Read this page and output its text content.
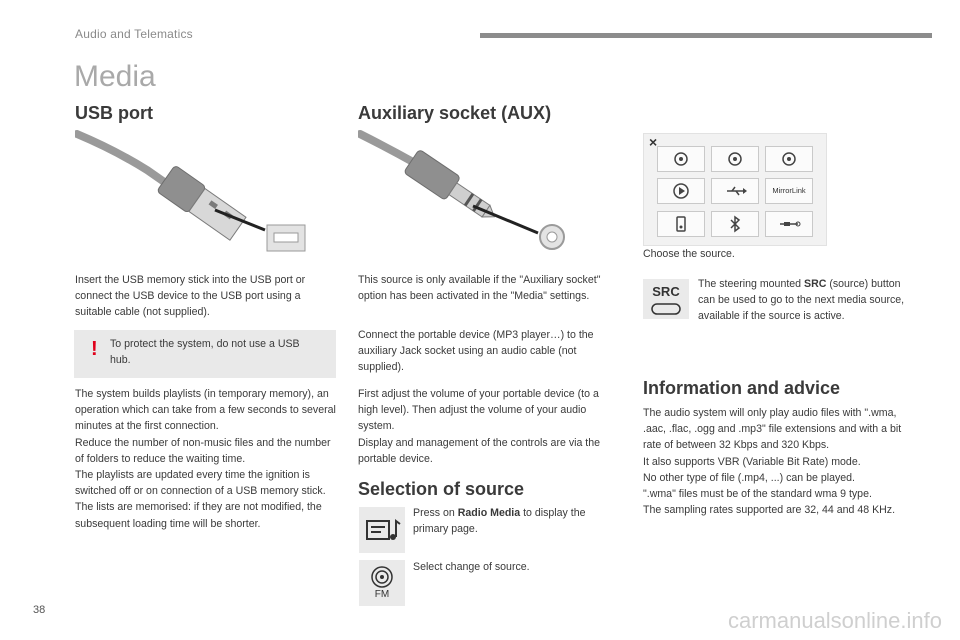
Audio and Telematics
Media
USB port
Insert the USB memory stick into the USB port or connect the USB device to the USB port using a suitable cable (not supplied).
! To protect the system, do not use a USB hub.

The system builds playlists (in temporary memory), an operation which can take from a few seconds to several minutes at the first connection.

Reduce the number of non-music files and the number of folders to reduce the waiting time.

The playlists are updated every time the ignition is switched off or on connection of a USB memory stick. The lists are memorised: if they are not modified, the subsequent loading time will be shorter.

Auxiliary socket (AUX)
This source is only available if the "Auxiliary socket" option has been activated in the "Media" settings.
Connect the portable device (MP3 player…) to the auxiliary Jack socket using an audio cable (not supplied).

First adjust the volume of your portable device (to a high level). Then adjust the volume of your audio system.

Display and management of the controls are via the portable device.

Selection of source
Press on Radio Media to display the primary page.
FM
Select change of source.
×
MirrorLink
Choose the source.
SRC	The steering mounted SRC (source) button can be used to go to the next media source, available if the source is active.
Information and advice

The audio system will only play audio files with ".wma, .aac, .flac, .ogg and .mp3" file extensions and with a bit rate of between 32 Kbps and 320 Kbps.

It also supports VBR (Variable Bit Rate) mode.

No other type of file (.mp4, ...) can be played.

".wma" files must be of the standard wma 9 type.

The sampling rates supported are 32, 44 and 48 KHz.

38	carmanualsonline.info
